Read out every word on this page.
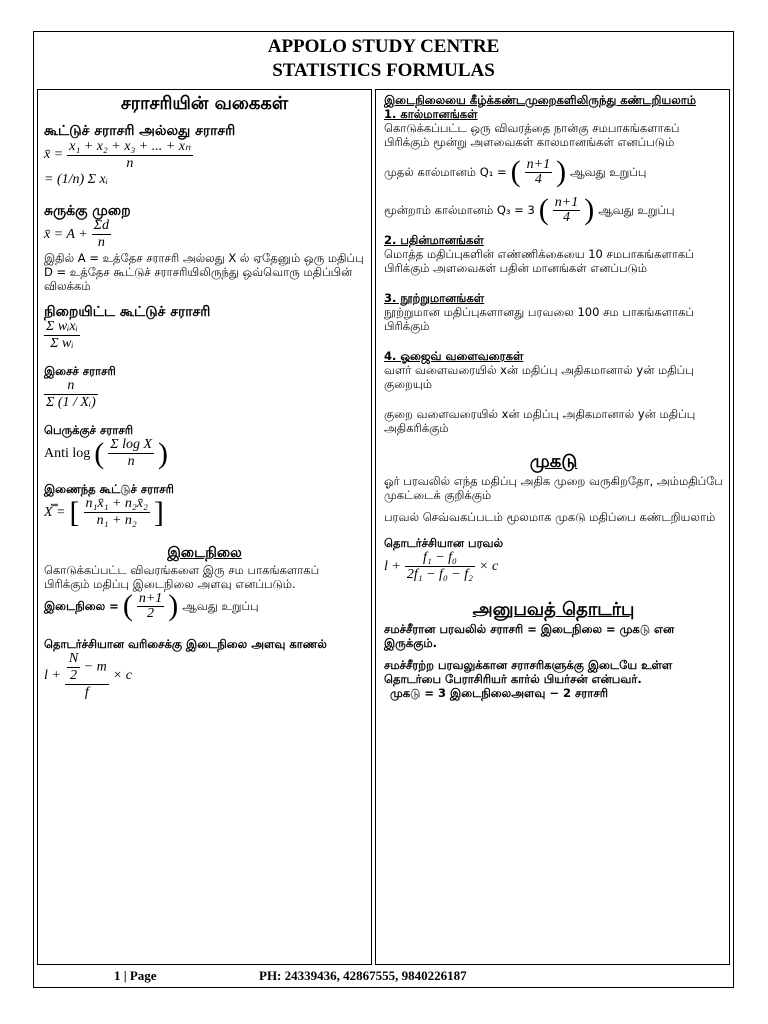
APPOLO STUDY CENTRE
STATISTICS FORMULAS
சராசரியின் வகைகள்
கூட்டுச் சராசரி அல்லது சராசரி
x̄ = $\frac{\text{x₁ + x₂ + x₃ + ... + xₙ}}{n}$
= (1/n) Σ xᵢ
சுருக்கு முறை
x̄ = $A + \frac{\Sigma d}{n}$
இதில் A = உத்தேச சராசரி அல்லது X ல் ஏதேனும் ஒரு மதிப்பு
D = உத்தேச கூட்டுச் சராசரியிலிருந்து ஒவ்வொரு மதிப்பின் விலக்கம்
நிறையிட்ட கூட்டுச் சராசரி
$\frac{\text{Σ wᵢxᵢ}}{\text{Σ wᵢ}}$
இசைச் சராசரி
$\frac{n}{\text{Σ (1 / Xᵢ)}}$
பெருக்குச் சராசரி
Anti log ( $\frac{\text{Σ log X}}{n}$ )
இணைந்த கூட்டுச் சராசரி
X̿ = [ $\frac{\text{n₁x̄₁ + n₂x̄₂}}{\text{n₁ + n₂}}$ ]
இடைநிலை
கொடுக்கப்பட்ட விவரங்களை இரு சம பாகங்களாகப் பிரிக்கும் மதிப்பு இடைநிலை அளவு எனப்படும்.
இடைநிலை = ( $\frac{n+1}{2}$ ) ஆவது உறுப்பு
தொடர்ச்சியான வரிசைக்கு இடைநிலை அளவு காணல்
$l + \frac{\frac{N}{2} - m}{f} \times c$
இடைநிலையை கீழ்க்கண்டமுறைகளிலிருந்து கண்டறியலாம்
1. கால்மானங்கள்
கொடுக்கப்பட்ட ஒரு விவரத்தை நான்கு சமபாகங்களாகப் பிரிக்கும் மூன்று அளவைகள் காலமானங்கள் எனப்படும்
முதல் கால்மானம் Q₁ = ( $\frac{n+1}{4}$ ) ஆவது உறுப்பு
மூன்றாம் கால்மானம் Q₃ = 3 ( $\frac{n+1}{4}$ ) ஆவது உறுப்பு
2. பதின்மானங்கள்
மொத்த மதிப்புகளின் எண்ணிக்கையை 10 சமபாகங்களாகப் பிரிக்கும் அளவைகள் பதின் மானங்கள் எனப்படும்
3. நூற்றுமானங்கள்
நூற்றுமான மதிப்புகளானது பரவலை 100 சம பாகங்களாகப் பிரிக்கும்
4. ஓஜைவ் வளைவரைகள்
வளர் வளைவரையில் xன் மதிப்பு அதிகமானால் yன் மதிப்பு குறையும்
குறை வளைவரையில் xன் மதிப்பு அதிகமானால் yன் மதிப்பு அதிகரிக்கும்
முகடு
ஓர் பரவலில் எந்த மதிப்பு அதிக முறை வருகிறதோ, அம்மதிப்பே முகட்டைக் குறிக்கும்
பரவல் செவ்வகப்படம் மூலமாக முகடு மதிப்பை கண்டறியலாம்
தொடர்ச்சியான பரவல்
$l + \frac{\text{f₁ − f₀}}{\text{2f₁ − f₀ − f₂}} \times c$
அனுபவத் தொடர்பு
சமச்சீரான பரவலில் சராசரி = இடைநிலை = முகடு என இருக்கும்.
சமச்சீரற்ற பரவலுக்கான சராசரிகளுக்கு இடையே உள்ள தொடர்பை பேராசிரியர் கார்ல் பியர்சன் என்பவர்.
முகடு = 3 இடைநிலைஅளவு − 2 சராசரி
1 | Page	PH: 24339436, 42867555, 9840226187
